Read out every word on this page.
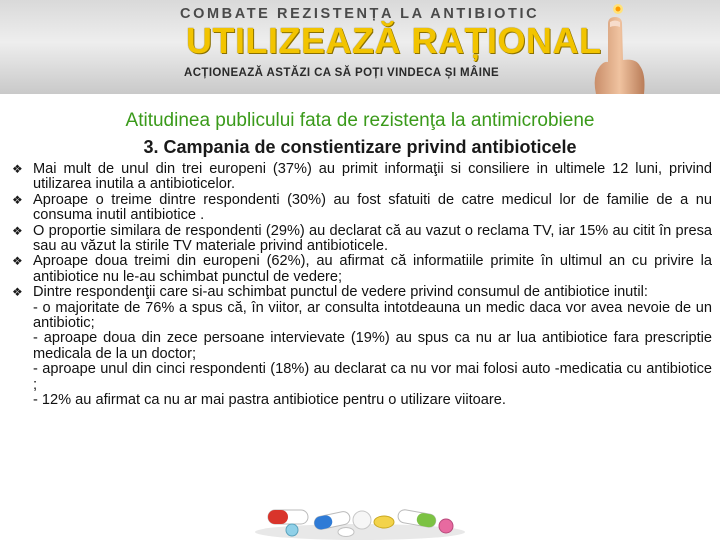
COMBATE REZISTENȚA LA ANTIBIOTIC
UTILIZEAZĂ RAȚIONAL
ACȚIONEAZĂ ASTĂZI CA SĂ POȚI VINDECA ȘI MÂINE
Atitudinea publicului fata de rezistenţa la antimicrobiene
3. Campania de constientizare privind antibioticele
❖ Mai mult de unul din trei europeni (37%) au primit informaţii si consiliere in ultimele 12 luni, privind utilizarea inutila a antibioticelor.
❖ Aproape o treime dintre respondenti (30%) au fost sfatuiti de catre medicul lor de familie de a nu consuma inutil antibiotice .
❖ O proportie similara de respondenti (29%) au declarat că au vazut o reclama TV, iar 15% au citit în presa sau au văzut la stirile TV materiale privind antibioticele.
❖ Aproape doua treimi din europeni (62%), au afirmat că informatiile primite în ultimul an cu privire la antibiotice nu le-au schimbat punctul de vedere;
❖ Dintre respondenţii care si-au schimbat punctul de vedere privind consumul de antibiotice inutil:
- o majoritate de 76% a spus că, în viitor, ar consulta intotdeauna un medic daca vor avea nevoie de un antibiotic;
- aproape doua din zece persoane intervievate (19%) au spus ca nu ar lua antibiotice fara prescriptie medicala de la un doctor;
- aproape unul din cinci respondenti (18%) au declarat ca nu vor mai folosi auto -medicatia cu antibiotice ;
- 12% au afirmat ca nu ar mai pastra antibiotice pentru o utilizare viitoare.
